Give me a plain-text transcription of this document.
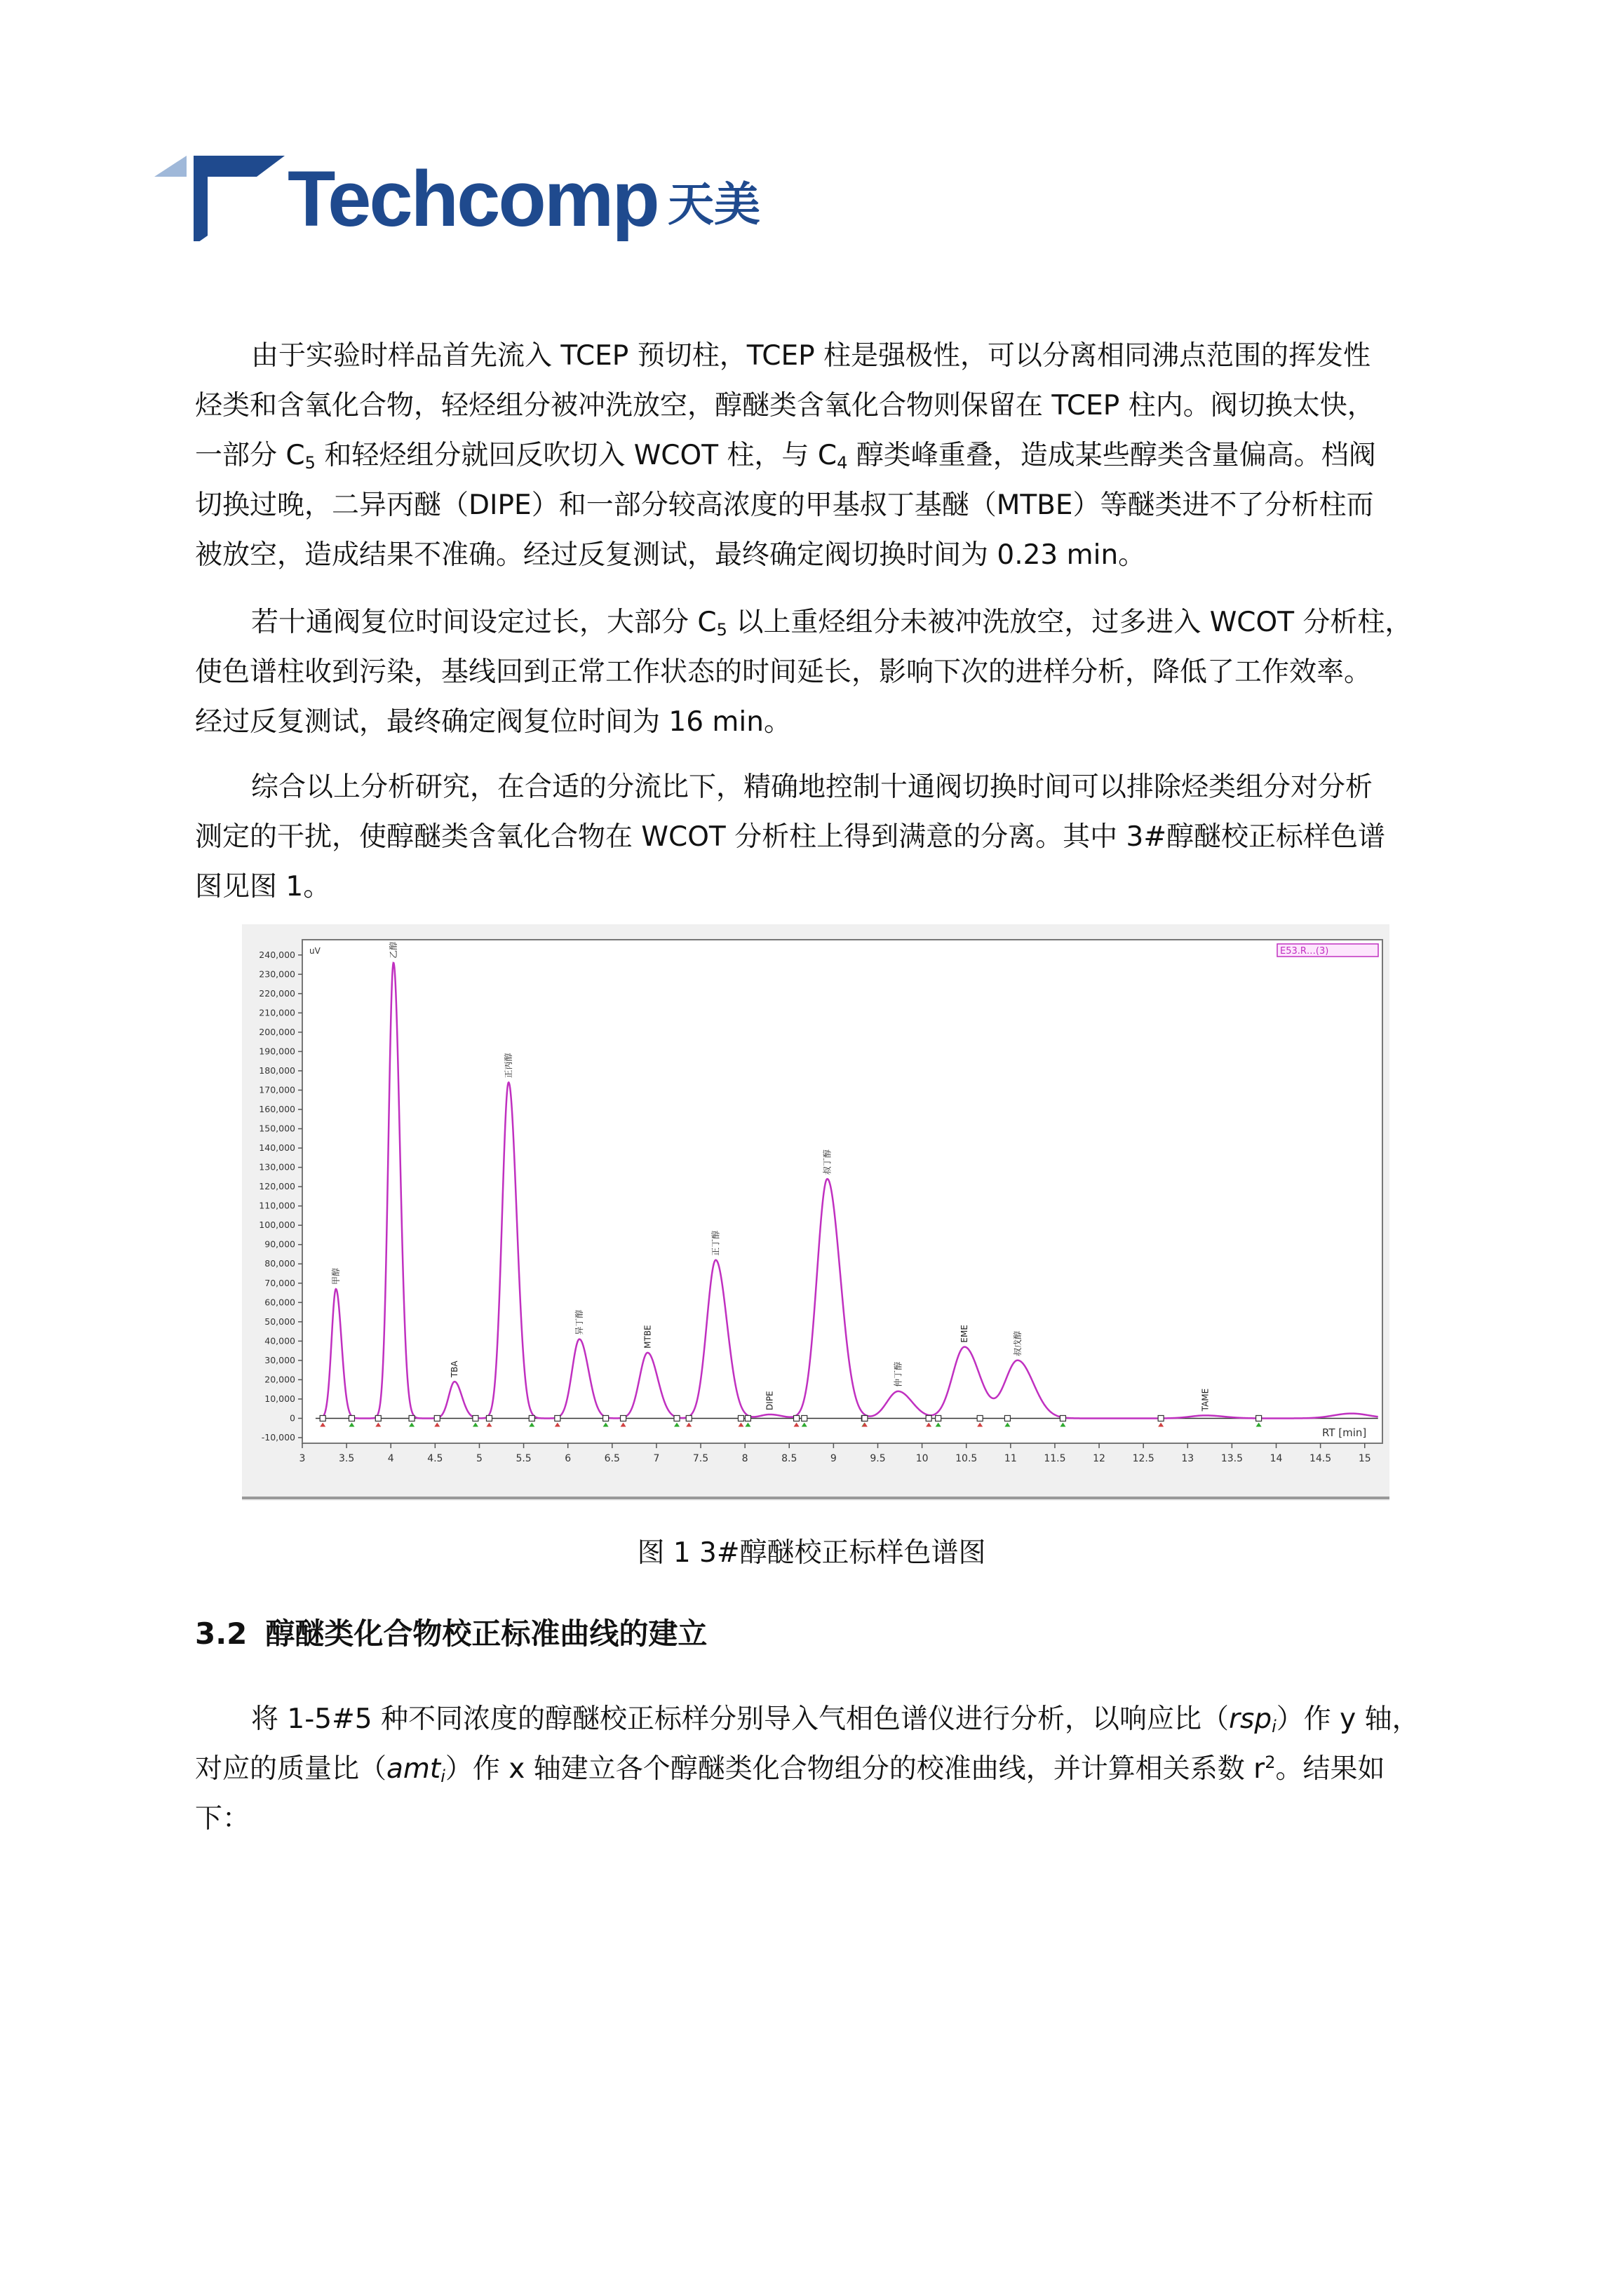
Techcomp 天美

由于实验时样品首先流入 TCEP 预切柱，TCEP 柱是强极性，可以分离相同沸点范围的挥发性
烃类和含氧化合物，轻烃组分被冲洗放空，醇醚类含氧化合物则保留在 TCEP 柱内。阀切换太快，
一部分 $C_5$ 和轻烃组分就回反吹切入 WCOT 柱，与 $C_4$ 醇类峰重叠，造成某些醇类含量偏高。档阀
切换过晚，二异丙醚（DIPE）和一部分较高浓度的甲基叔丁基醚（MTBE）等醚类进不了分析柱而
被放空，造成结果不准确。经过反复测试，最终确定阀切换时间为 0.23 min。

若十通阀复位时间设定过长，大部分 $C_5$ 以上重烃组分未被冲洗放空，过多进入 WCOT 分析柱，
使色谱柱收到污染，基线回到正常工作状态的时间延长，影响下次的进样分析，降低了工作效率。
经过反复测试，最终确定阀复位时间为 16 min。

综合以上分析研究，在合适的分流比下，精确地控制十通阀切换时间可以排除烃类组分对分析
测定的干扰，使醇醚类含氧化合物在 WCOT 分析柱上得到满意的分离。其中 3#醇醚校正标样色谱
图见图 1。

-10,000
0
10,000
20,000
30,000
40,000
50,000
60,000
70,000
80,000
90,000
100,000
110,000
120,000
130,000
140,000
150,000
160,000
170,000
180,000
190,000
200,000
210,000
220,000
230,000
240,000
3	3.5	4	4.5	5	5.5	6	6.5	7	7.5	8	8.5	9	9.5	10	10.5	11	11.5	12	12.5	13	13.5	14	14.5	15
甲醇
乙醇
TBA
正丙醇
异丁醇
MTBE
正丁醇
DIPE
叔丁醇
仲丁醇
EME	叔戊醇
TAME
uV
RT [min]
E53.R…(3)
图 1 3#醇醚校正标样色谱图
3.2 醇醚类化合物校正标准曲线的建立

将 1-5#5 种不同浓度的醇醚校正标样分别导入气相色谱仪进行分析，以响应比（rsp$_i$）作 y 轴，
对应的质量比（amt$_i$）作 x 轴建立各个醇醚类化合物组分的校准曲线，并计算相关系数 $r^2$。结果如
下：
